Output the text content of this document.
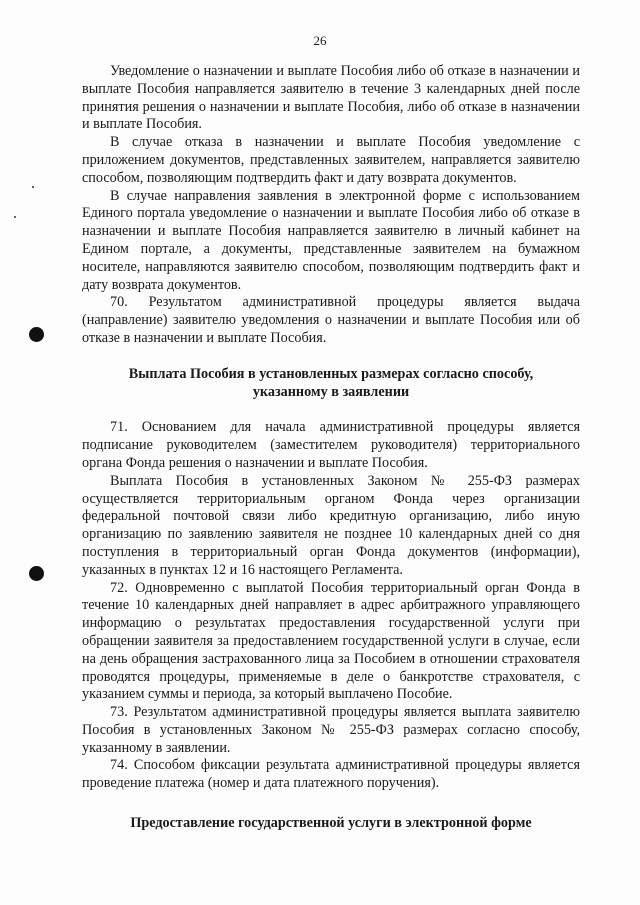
26

Уведомление о назначении и выплате Пособия либо об отказе в назначении и выплате Пособия направляется заявителю в течение 3 календарных дней после принятия решения о назначении и выплате Пособия, либо об отказе в назначении и выплате Пособия.

В случае отказа в назначении и выплате Пособия уведомление с приложением документов, представленных заявителем, направляется заявителю способом, позволяющим подтвердить факт и дату возврата документов.

В случае направления заявления в электронной форме с использованием Единого портала уведомление о назначении и выплате Пособия либо об отказе в назначении и выплате Пособия направляется заявителю в личный кабинет на Едином портале, а документы, представленные заявителем на бумажном носителе, направляются заявителю способом, позволяющим подтвердить факт и дату возврата документов.

70. Результатом административной процедуры является выдача (направление) заявителю уведомления о назначении и выплате Пособия или об отказе в назначении и выплате Пособия.

Выплата Пособия в установленных размерах согласно способу,
указанному в заявлении

71. Основанием для начала административной процедуры является подписание руководителем (заместителем руководителя) территориального органа Фонда решения о назначении и выплате Пособия.

Выплата Пособия в установленных Законом № 255-ФЗ размерах осуществляется территориальным органом Фонда через организации федеральной почтовой связи либо кредитную организацию, либо иную организацию по заявлению заявителя не позднее 10 календарных дней со дня поступления в территориальный орган Фонда документов (информации), указанных в пунктах 12 и 16 настоящего Регламента.

72. Одновременно с выплатой Пособия территориальный орган Фонда в течение 10 календарных дней направляет в адрес арбитражного управляющего информацию о результатах предоставления государственной услуги при обращении заявителя за предоставлением государственной услуги в случае, если на день обращения застрахованного лица за Пособием в отношении страхователя проводятся процедуры, применяемые в деле о банкротстве страхователя, с указанием суммы и периода, за который выплачено Пособие.

73. Результатом административной процедуры является выплата заявителю Пособия в установленных Законом № 255-ФЗ размерах согласно способу, указанному в заявлении.

74. Способом фиксации результата административной процедуры является проведение платежа (номер и дата платежного поручения).

Предоставление государственной услуги в электронной форме
